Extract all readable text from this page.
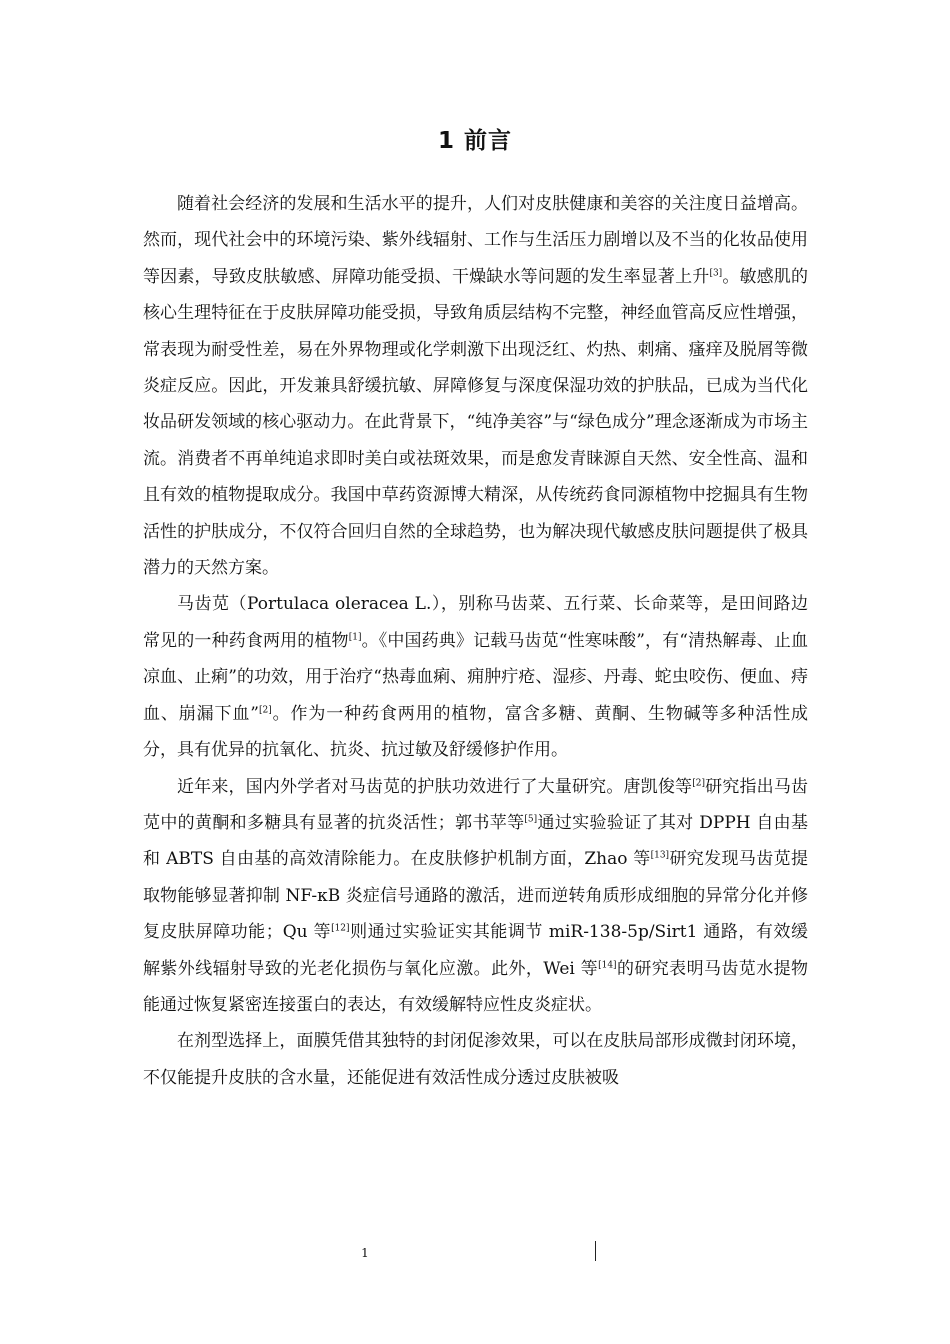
1 前言

随着社会经济的发展和生活水平的提升，人们对皮肤健康和美容的关注度日益增高。然而，现代社会中的环境污染、紫外线辐射、工作与生活压力剧增以及不当的化妆品使用等因素，导致皮肤敏感、屏障功能受损、干燥缺水等问题的发生率显著上升[3]。敏感肌的核心生理特征在于皮肤屏障功能受损，导致角质层结构不完整，神经血管高反应性增强，常表现为耐受性差，易在外界物理或化学刺激下出现泛红、灼热、刺痛、瘙痒及脱屑等微炎症反应。因此，开发兼具舒缓抗敏、屏障修复与深度保湿功效的护肤品，已成为当代化妆品研发领域的核心驱动力。在此背景下，“纯净美容”与“绿色成分”理念逐渐成为市场主流。消费者不再单纯追求即时美白或祛斑效果，而是愈发青睐源自天然、安全性高、温和且有效的植物提取成分。我国中草药资源博大精深，从传统药食同源植物中挖掘具有生物活性的护肤成分，不仅符合回归自然的全球趋势，也为解决现代敏感皮肤问题提供了极具潜力的天然方案。

马齿苋（Portulaca oleracea L.），别称马齿菜、五行菜、长命菜等，是田间路边常见的一种药食两用的植物[1]。《中国药典》记载马齿苋“性寒味酸”，有“清热解毒、止血凉血、止痢”的功效，用于治疗“热毒血痢、痈肿疔疮、湿疹、丹毒、蛇虫咬伤、便血、痔血、崩漏下血”[2]。作为一种药食两用的植物，富含多糖、黄酮、生物碱等多种活性成分，具有优异的抗氧化、抗炎、抗过敏及舒缓修护作用。

近年来，国内外学者对马齿苋的护肤功效进行了大量研究。唐凯俊等[2]研究指出马齿苋中的黄酮和多糖具有显著的抗炎活性；郭书苹等[5]通过实验验证了其对 DPPH 自由基和 ABTS 自由基的高效清除能力。在皮肤修护机制方面，Zhao 等[13]研究发现马齿苋提取物能够显著抑制 NF-κB 炎症信号通路的激活，进而逆转角质形成细胞的异常分化并修复皮肤屏障功能；Qu 等[12]则通过实验证实其能调节 miR-138-5p/Sirt1 通路，有效缓解紫外线辐射导致的光老化损伤与氧化应激。此外，Wei 等[14]的研究表明马齿苋水提物能通过恢复紧密连接蛋白的表达，有效缓解特应性皮炎症状。

在剂型选择上，面膜凭借其独特的封闭促渗效果，可以在皮肤局部形成微封闭环境，不仅能提升皮肤的含水量，还能促进有效活性成分透过皮肤被吸

1
